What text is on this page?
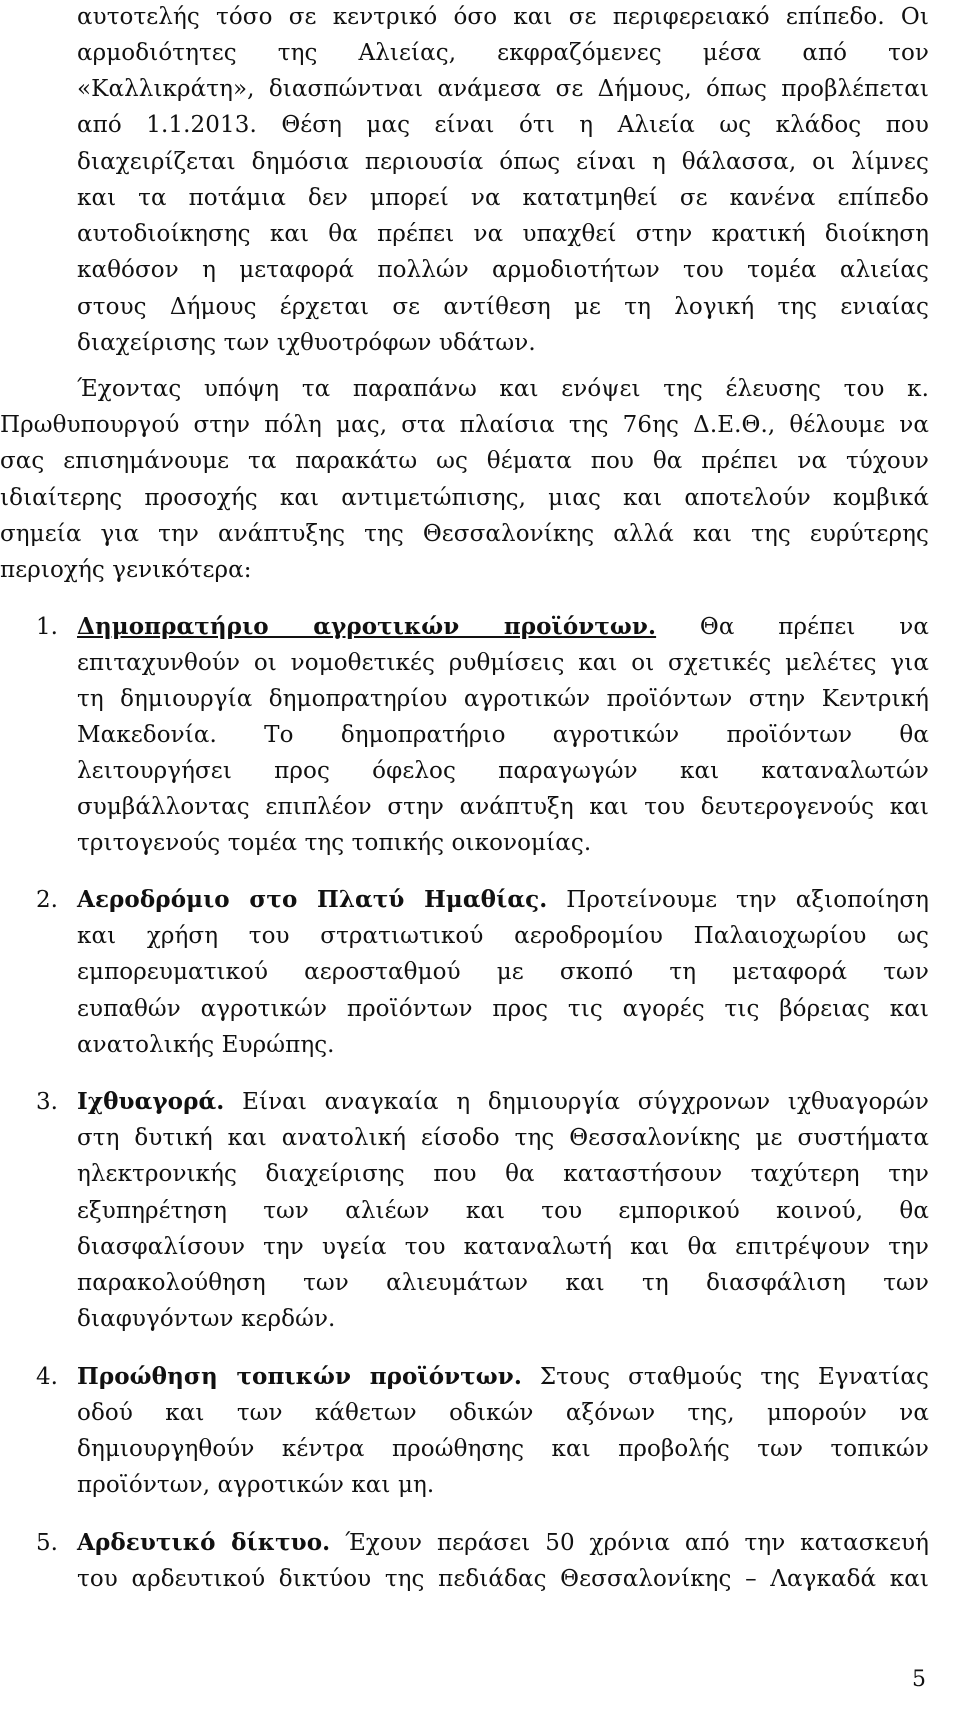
αυτοτελής τόσο σε κεντρικό όσο και σε περιφερειακό επίπεδο. Οι
αρμοδιότητες της Αλιείας, εκφραζόμενες μέσα από τον
«Καλλικράτη», διασπώντναι ανάμεσα σε Δήμους, όπως προβλέπεται
από 1.1.2013. Θέση μας είναι ότι η Αλιεία ως κλάδος που
διαχειρίζεται δημόσια περιουσία όπως είναι η θάλασσα, οι λίμνες
και τα ποτάμια δεν μπορεί να κατατμηθεί σε κανένα επίπεδο
αυτοδιοίκησης και θα πρέπει να υπαχθεί στην κρατική διοίκηση
καθόσον η μεταφορά πολλών αρμοδιοτήτων του τομέα αλιείας
στους Δήμους έρχεται σε αντίθεση με τη λογική της ενιαίας
διαχείρισης των ιχθυοτρόφων υδάτων.
Έχοντας υπόψη τα παραπάνω και ενόψει της έλευσης του κ.
Πρωθυπουργού στην πόλη μας, στα πλαίσια της 76ης Δ.Ε.Θ., θέλουμε να
σας επισημάνουμε τα παρακάτω ως θέματα που θα πρέπει να τύχουν
ιδιαίτερης προσοχής και αντιμετώπισης, μιας και αποτελούν κομβικά
σημεία για την ανάπτυξης της Θεσσαλονίκης αλλά και της ευρύτερης
περιοχής γενικότερα:
1. Δημοπρατήριο αγροτικών προϊόντων. Θα πρέπει να
επιταχυνθούν οι νομοθετικές ρυθμίσεις και οι σχετικές μελέτες για
τη δημιουργία δημοπρατηρίου αγροτικών προϊόντων στην Κεντρική
Μακεδονία. Το δημοπρατήριο αγροτικών προϊόντων θα
λειτουργήσει προς όφελος παραγωγών και καταναλωτών
συμβάλλοντας επιπλέον στην ανάπτυξη και του δευτερογενούς και
τριτογενούς τομέα της τοπικής οικονομίας.
2. Αεροδρόμιο στο Πλατύ Ημαθίας. Προτείνουμε την αξιοποίηση
και χρήση του στρατιωτικού αεροδρομίου Παλαιοχωρίου ως
εμπορευματικού αεροσταθμού με σκοπό τη μεταφορά των
ευπαθών αγροτικών προϊόντων προς τις αγορές τις βόρειας και
ανατολικής Ευρώπης.
3. Ιχθυαγορά. Είναι αναγκαία η δημιουργία σύγχρονων ιχθυαγορών
στη δυτική και ανατολική είσοδο της Θεσσαλονίκης με συστήματα
ηλεκτρονικής διαχείρισης που θα καταστήσουν ταχύτερη την
εξυπηρέτηση των αλιέων και του εμπορικού κοινού, θα
διασφαλίσουν την υγεία του καταναλωτή και θα επιτρέψουν την
παρακολούθηση των αλιευμάτων και τη διασφάλιση των
διαφυγόντων κερδών.
4. Προώθηση τοπικών προϊόντων. Στους σταθμούς της Εγνατίας
οδού και των κάθετων οδικών αξόνων της, μπορούν να
δημιουργηθούν κέντρα προώθησης και προβολής των τοπικών
προϊόντων, αγροτικών και μη.
5. Αρδευτικό δίκτυο. Έχουν περάσει 50 χρόνια από την κατασκευή
του αρδευτικού δικτύου της πεδιάδας Θεσσαλονίκης – Λαγκαδά και
5
